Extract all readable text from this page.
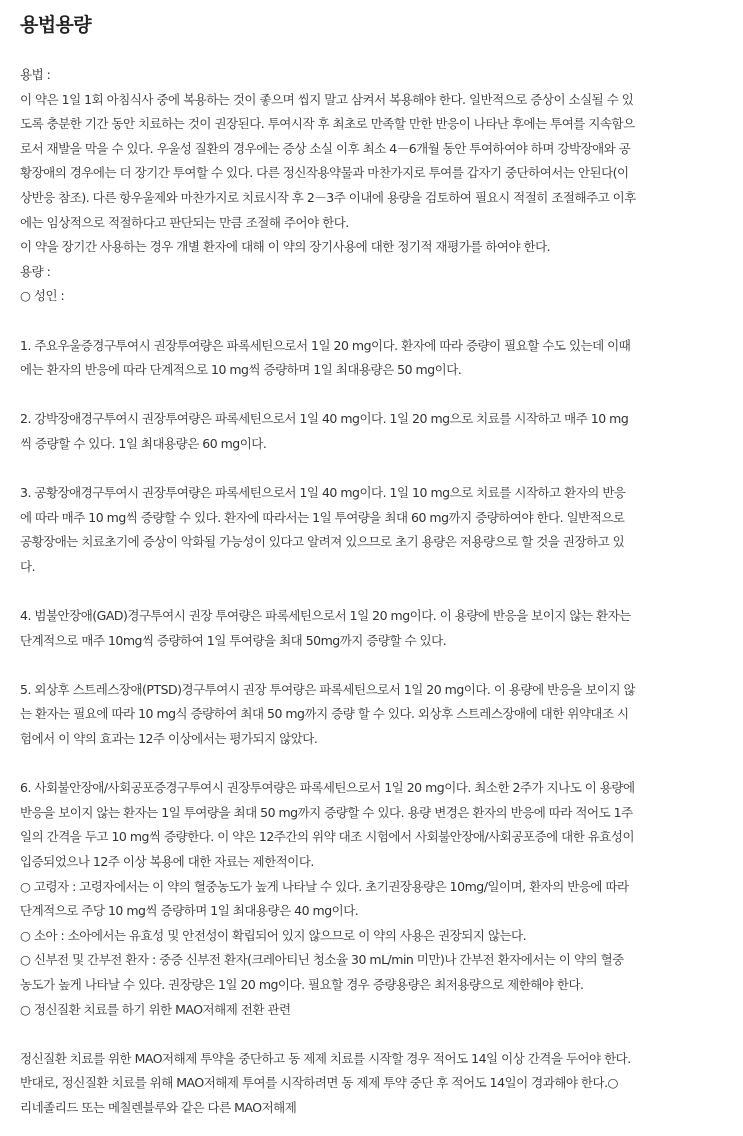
용법용량
용법 :
이 약은 1일 1회 아침식사 중에 복용하는 것이 좋으며 씹지 말고 삼켜서 복용해야 한다. 일반적으로 증상이 소실될 수 있
도록 충분한 기간 동안 치료하는 것이 권장된다. 투여시작 후 최초로 만족할 만한 반응이 나타난 후에는 투여를 지속함으
로서 재발을 막을 수 있다. 우울성 질환의 경우에는 증상 소실 이후 최소 4－6개월 동안 투여하여야 하며 강박장애와 공
황장애의 경우에는 더 장기간 투여할 수 있다. 다른 정신작용약물과 마찬가지로 투여를 갑자기 중단하여서는 안된다(이
상반응 참조). 다른 항우울제와 마찬가지로 치료시작 후 2－3주 이내에 용량을 검토하여 필요시 적절히 조절해주고 이후
에는 임상적으로 적절하다고 판단되는 만큼 조절해 주어야 한다.
이 약을 장기간 사용하는 경우 개별 환자에 대해 이 약의 장기사용에 대한 정기적 재평가를 하여야 한다.
용량 :
○ 성인 :
1. 주요우울증경구투여시 권장투여량은 파록세틴으로서 1일 20 mg이다. 환자에 따라 증량이 필요할 수도 있는데 이때
에는 환자의 반응에 따라 단계적으로 10 mg씩 증량하며 1일 최대용량은 50 mg이다.
2. 강박장애경구투여시 권장투여량은 파록세틴으로서 1일 40 mg이다. 1일 20 mg으로 치료를 시작하고 매주 10 mg
씩 증량할 수 있다. 1일 최대용량은 60 mg이다.
3. 공황장애경구투여시 권장투여량은 파록세틴으로서 1일 40 mg이다. 1일 10 mg으로 치료를 시작하고 환자의 반응
에 따라 매주 10 mg씩 증량할 수 있다. 환자에 따라서는 1일 투여량을 최대 60 mg까지 증량하여야 한다. 일반적으로
공황장애는 치료초기에 증상이 악화될 가능성이 있다고 알려져 있으므로 초기 용량은 저용량으로 할 것을 권장하고 있
다.
4. 범불안장애(GAD)경구투여시 권장 투여량은 파록세틴으로서 1일 20 mg이다. 이 용량에 반응을 보이지 않는 환자는
단계적으로 매주 10mg씩 증량하여 1일 투여량을 최대 50mg까지 증량할 수 있다.
5. 외상후 스트레스장애(PTSD)경구투여시 권장 투여량은 파록세틴으로서 1일 20 mg이다. 이 용량에 반응을 보이지 않
는 환자는 필요에 따라 10 mg식 증량하여 최대 50 mg까지 증량 할 수 있다. 외상후 스트레스장애에 대한 위약대조 시
험에서 이 약의 효과는 12주 이상에서는 평가되지 않았다.
6. 사회불안장애/사회공포증경구투여시 권장투여량은 파록세틴으로서 1일 20 mg이다. 최소한 2주가 지나도 이 용량에
반응을 보이지 않는 환자는 1일 투여량을 최대 50 mg까지 증량할 수 있다. 용량 변경은 환자의 반응에 따라 적어도 1주
일의 간격을 두고 10 mg씩 증량한다. 이 약은 12주간의 위약 대조 시험에서 사회불안장애/사회공포증에 대한 유효성이
입증되었으나 12주 이상 복용에 대한 자료는 제한적이다.
○ 고령자 : 고령자에서는 이 약의 혈중농도가 높게 나타날 수 있다. 초기권장용량은 10mg/일이며, 환자의 반응에 따라
단계적으로 주당 10 mg씩 증량하며 1일 최대용량은 40 mg이다.
○ 소아 : 소아에서는 유효성 및 안전성이 확립되어 있지 않으므로 이 약의 사용은 권장되지 않는다.
○ 신부전 및 간부전 환자 : 중증 신부전 환자(크레아티닌 청소율 30 mL/min 미만)나 간부전 환자에서는 이 약의 혈중
농도가 높게 나타날 수 있다. 권장량은 1일 20 mg이다. 필요할 경우 증량용량은 최저용량으로 제한해야 한다.
○ 정신질환 치료를 하기 위한 MAO저해제 전환 관련
정신질환 치료를 위한 MAO저해제 투약을 중단하고 동 제제 치료를 시작할 경우 적어도 14일 이상 간격을 두어야 한다.
반대로, 정신질환 치료를 위해 MAO저해제 투여를 시작하려면 동 제제 투약 중단 후 적어도 14일이 경과해야 한다.○
리네졸리드 또는 메칠렌블루와 같은 다른 MAO저해제
